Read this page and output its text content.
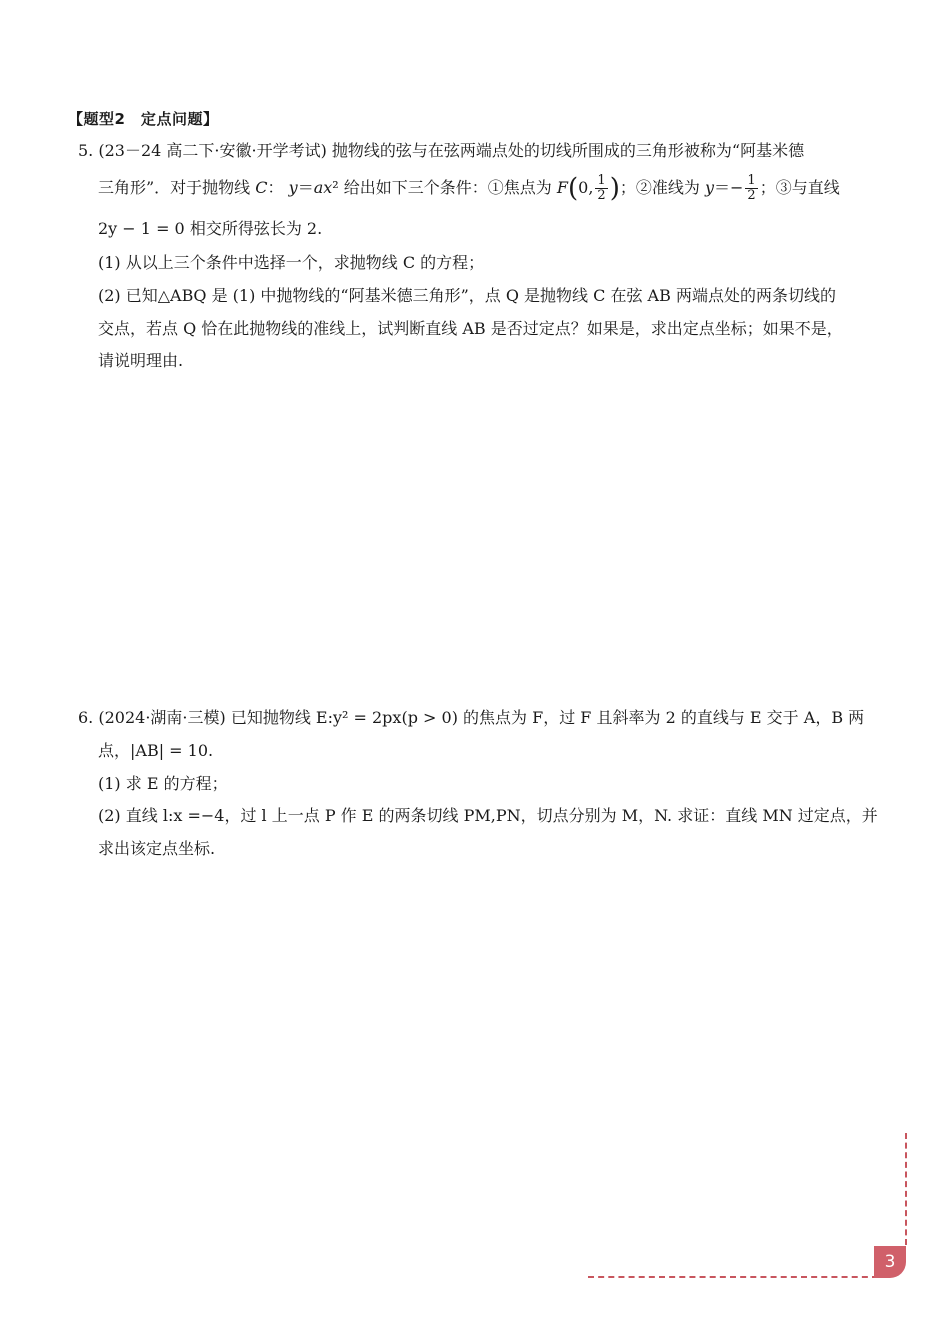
【题型2　定点问题】
5. (23－24 高二下·安徽·开学考试) 抛物线的弦与在弦两端点处的切线所围成的三角形被称为“阿基米德
三角形”．对于抛物线 C： y＝ax² 给出如下三个条件：①焦点为 F(0, $\frac{1}{2}$ )；②准线为 $y=- \frac{1}{2}$ ；③与直线
2y − 1 = 0 相交所得弦长为 2.
(1) 从以上三个条件中选择一个，求抛物线 C 的方程；
(2) 已知△ABQ 是 (1) 中抛物线的“阿基米德三角形”，点 Q 是抛物线 C 在弦 AB 两端点处的两条切线的
交点，若点 Q 恰在此抛物线的准线上，试判断直线 AB 是否过定点？如果是，求出定点坐标；如果不是，
请说明理由.
6. (2024·湖南·三模) 已知抛物线 E:y² = 2px(p > 0) 的焦点为 F，过 F 且斜率为 2 的直线与 E 交于 A，B 两
点，|AB| = 10.
(1) 求 E 的方程；
(2) 直线 l:x =−4，过 l 上一点 P 作 E 的两条切线 PM,PN，切点分别为 M，N. 求证：直线 MN 过定点，并
求出该定点坐标.
3
